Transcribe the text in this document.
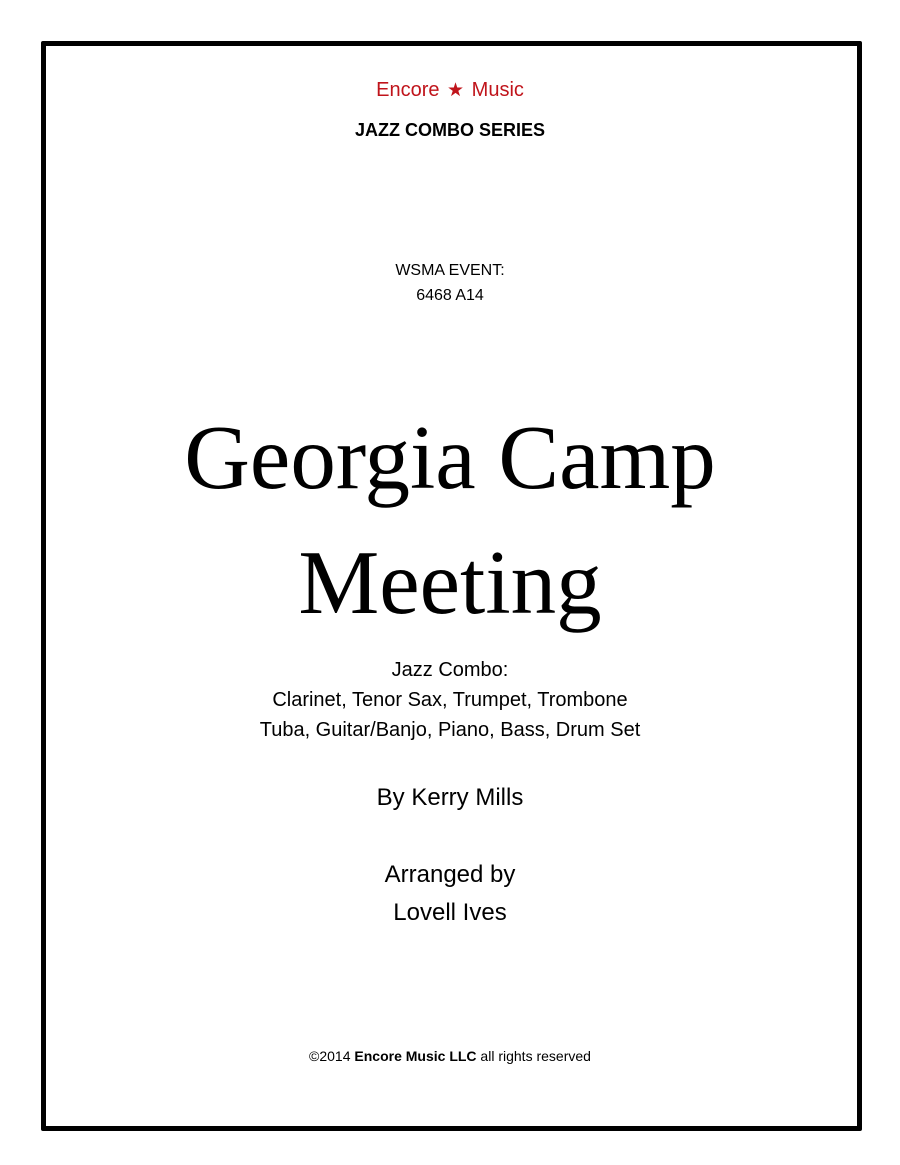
Encore ★ Music
JAZZ COMBO SERIES
WSMA EVENT:
6468 A14
Georgia Camp
Meeting
Jazz Combo:
Clarinet, Tenor Sax, Trumpet, Trombone
Tuba, Guitar/Banjo, Piano, Bass, Drum Set
By Kerry Mills
Arranged by
Lovell Ives
©2014 Encore Music LLC all rights reserved
